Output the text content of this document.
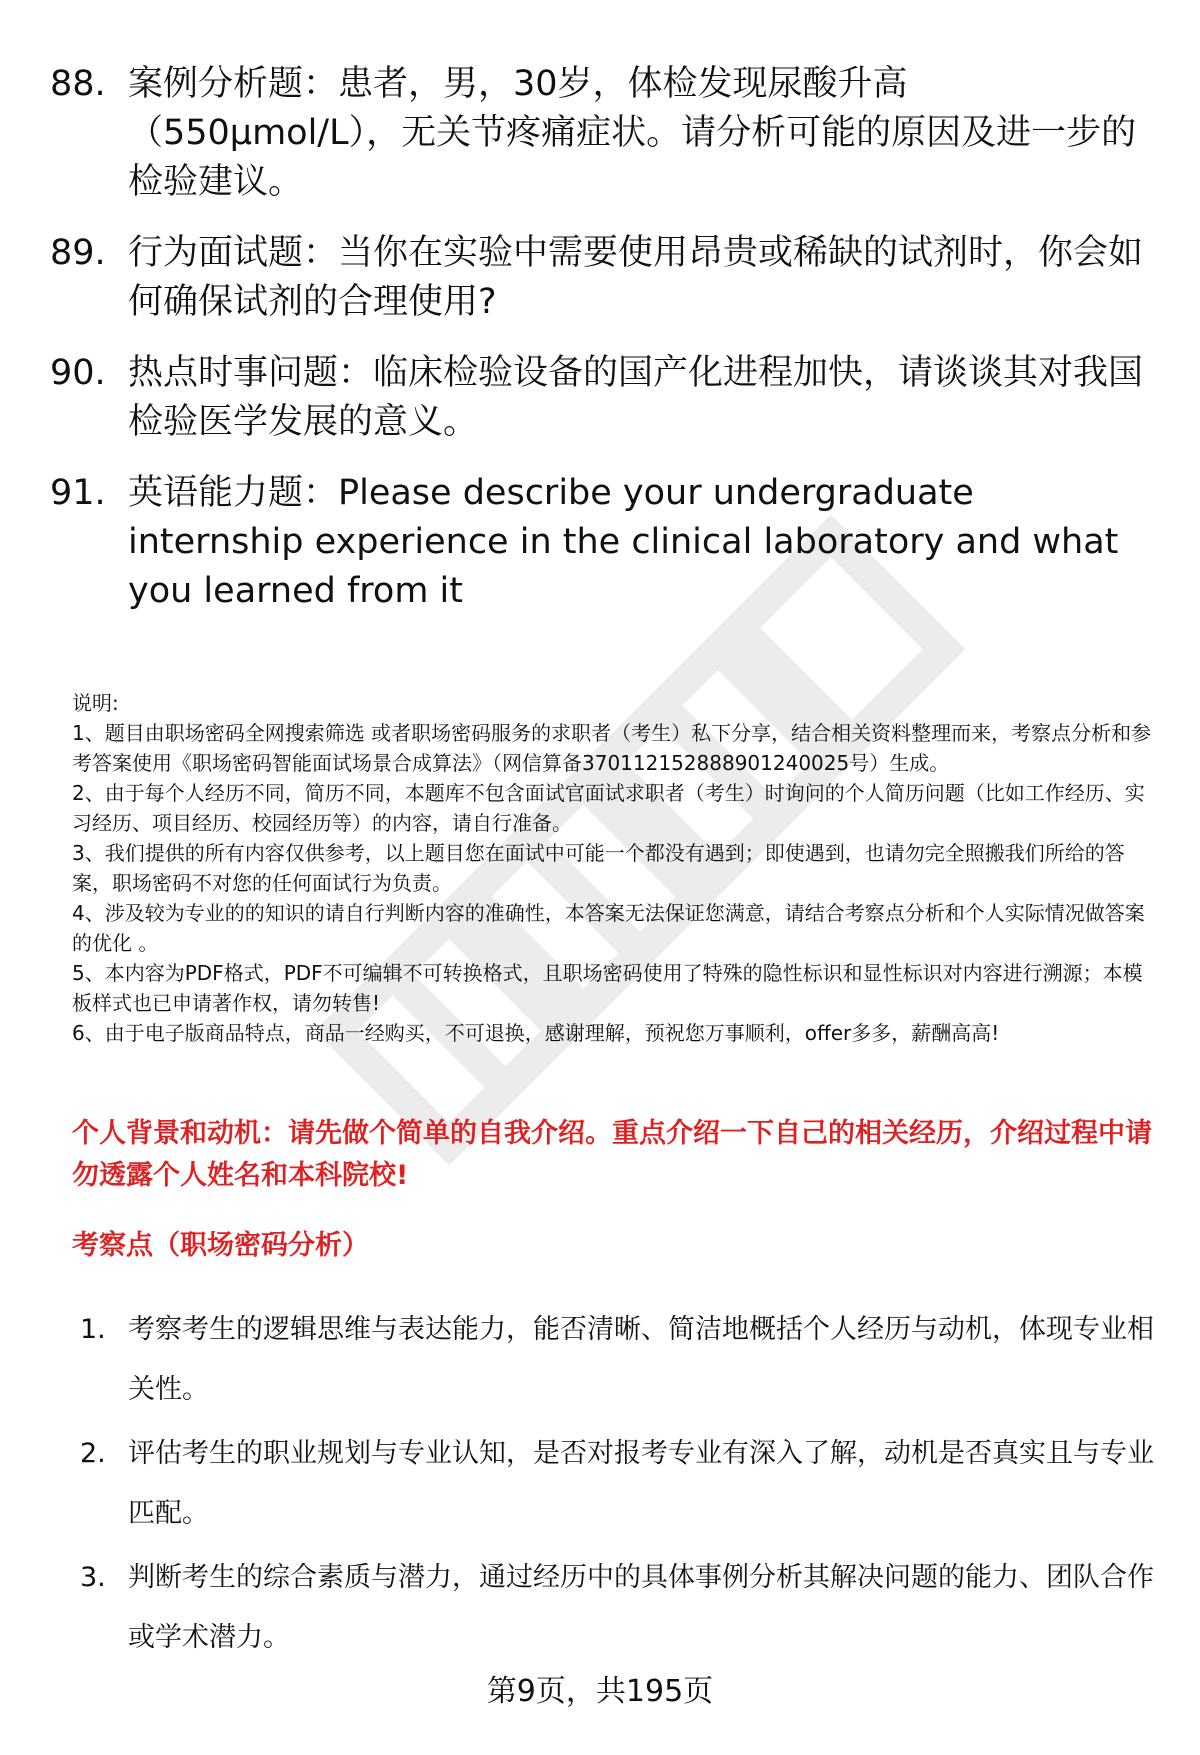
88. 案例分析题：患者，男，30岁，体检发现尿酸升高（550μmol/L），无关节疼痛症状。请分析可能的原因及进一步的检验建议。
89. 行为面试题：当你在实验中需要使用昂贵或稀缺的试剂时，你会如何确保试剂的合理使用?
90. 热点时事问题：临床检验设备的国产化进程加快，请谈谈其对我国检验医学发展的意义。
91. 英语能力题：Please describe your undergraduate internship experience in the clinical laboratory and what you learned from it

说明:

1、题目由职场密码全网搜索筛选 或者职场密码服务的求职者（考生）私下分享，结合相关资料整理而来，考察点分析和参考答案使用《职场密码智能面试场景合成算法》（网信算备370112152888901240025号）生成。

2、由于每个人经历不同，简历不同，本题库不包含面试官面试求职者（考生）时询问的个人简历问题（比如工作经历、实习经历、项目经历、校园经历等）的内容，请自行准备。

3、我们提供的所有内容仅供参考，以上题目您在面试中可能一个都没有遇到；即使遇到，也请勿完全照搬我们所给的答案，职场密码不对您的任何面试行为负责。

4、涉及较为专业的的知识的请自行判断内容的准确性，本答案无法保证您满意，请结合考察点分析和个人实际情况做答案的优化 。

5、本内容为PDF格式，PDF不可编辑不可转换格式，且职场密码使用了特殊的隐性标识和显性标识对内容进行溯源；本模板样式也已申请著作权，请勿转售!

6、由于电子版商品特点，商品一经购买，不可退换，感谢理解，预祝您万事顺利，offer多多，薪酬高高!

个人背景和动机：请先做个简单的自我介绍。重点介绍一下自己的相关经历，介绍过程中请勿透露个人姓名和本科院校!
考察点（职场密码分析）
1. 考察考生的逻辑思维与表达能力，能否清晰、简洁地概括个人经历与动机，体现专业相关性。
2. 评估考生的职业规划与专业认知，是否对报考专业有深入了解，动机是否真实且与专业匹配。
3. 判断考生的综合素质与潜力，通过经历中的具体事例分析其解决问题的能力、团队合作或学术潜力。
第9页，共195页
